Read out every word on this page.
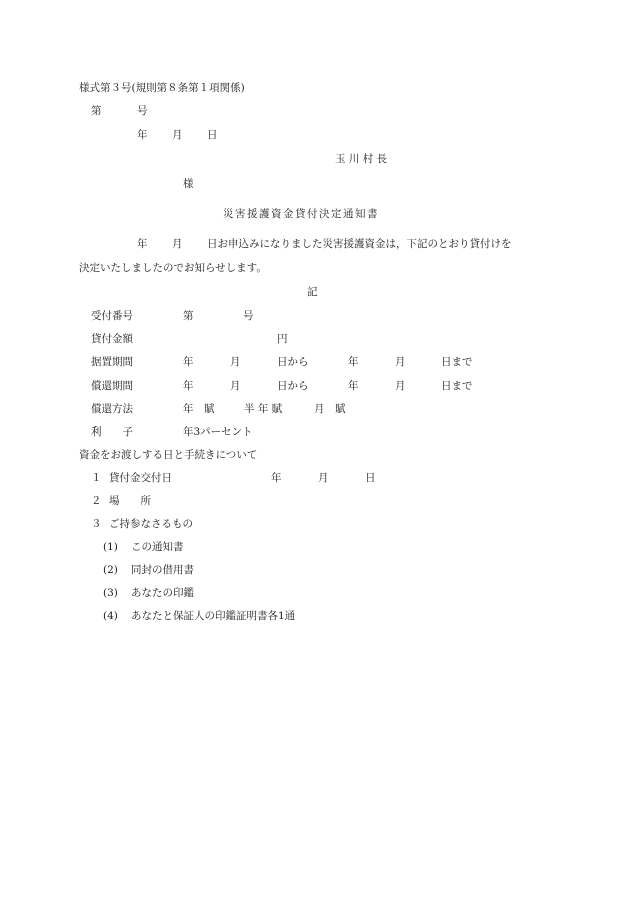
様式第３号(規則第８条第１項関係)
第	号
年 月 日
玉 川 村 長
様
災害援護資金貸付決定通知書
年 月 日お申込みになりました災害援護資金は，下記のとおり貸付けを
決定いたしましたのでお知らせします。
記
受付番号	第	号
貸付金額	円
据置期間	年	月	日から	年	月	日まで
償還期間	年	月	日から	年	月	日まで
償還方法	年　賦	半 年 賦	月　賦
利　　子	年3パーセント
資金をお渡しする日と手続きについて
１ 貸付金交付日	年	月	日
２ 場　　所
３ ご持参なさるもの
(1) この通知書
(2) 同封の借用書
(3) あなたの印鑑
(4) あなたと保証人の印鑑証明書各1通
